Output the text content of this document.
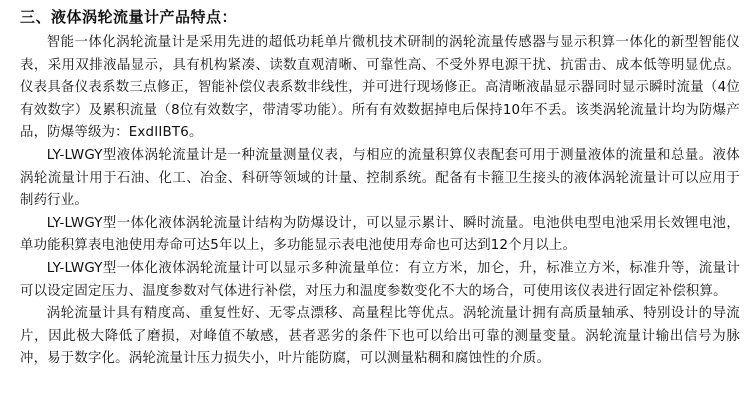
三、液体涡轮流量计产品特点：

智能一体化涡轮流量计是采用先进的超低功耗单片微机技术研制的涡轮流量传感器与显示积算一体化的新型智能仪表，采用双排液晶显示，具有机构紧凑、读数直观清晰、可靠性高、不受外界电源干扰、抗雷击、成本低等明显优点。仪表具备仪表系数三点修正，智能补偿仪表系数非线性，并可进行现场修正。高清晰液晶显示器同时显示瞬时流量（4位有效数字）及累积流量（8位有效数字，带清零功能）。所有有效数据掉电后保持10年不丢。该类涡轮流量计均为防爆产品，防爆等级为：ExdIIBT6。

LY-LWGY型液体涡轮流量计是一种流量测量仪表，与相应的流量积算仪表配套可用于测量液体的流量和总量。液体涡轮流量计用于石油、化工、冶金、科研等领域的计量、控制系统。配备有卡箍卫生接头的液体涡轮流量计可以应用于制药行业。

LY-LWGY型一体化液体涡轮流量计结构为防爆设计，可以显示累计、瞬时流量。电池供电型电池采用长效锂电池，单功能积算表电池使用寿命可达5年以上，多功能显示表电池使用寿命也可达到12个月以上。

LY-LWGY型一体化液体涡轮流量计可以显示多种流量单位：有立方米，加仑，升，标准立方米，标准升等，流量计可以设定固定压力、温度参数对气体进行补偿，对压力和温度参数变化不大的场合，可使用该仪表进行固定补偿积算。

涡轮流量计具有精度高、重复性好、无零点漂移、高量程比等优点。涡轮流量计拥有高质量轴承、特别设计的导流片，因此极大降低了磨损，对峰值不敏感，甚者恶劣的条件下也可以给出可靠的测量变量。涡轮流量计输出信号为脉冲，易于数字化。涡轮流量计压力损失小，叶片能防腐，可以测量粘稠和腐蚀性的介质。
